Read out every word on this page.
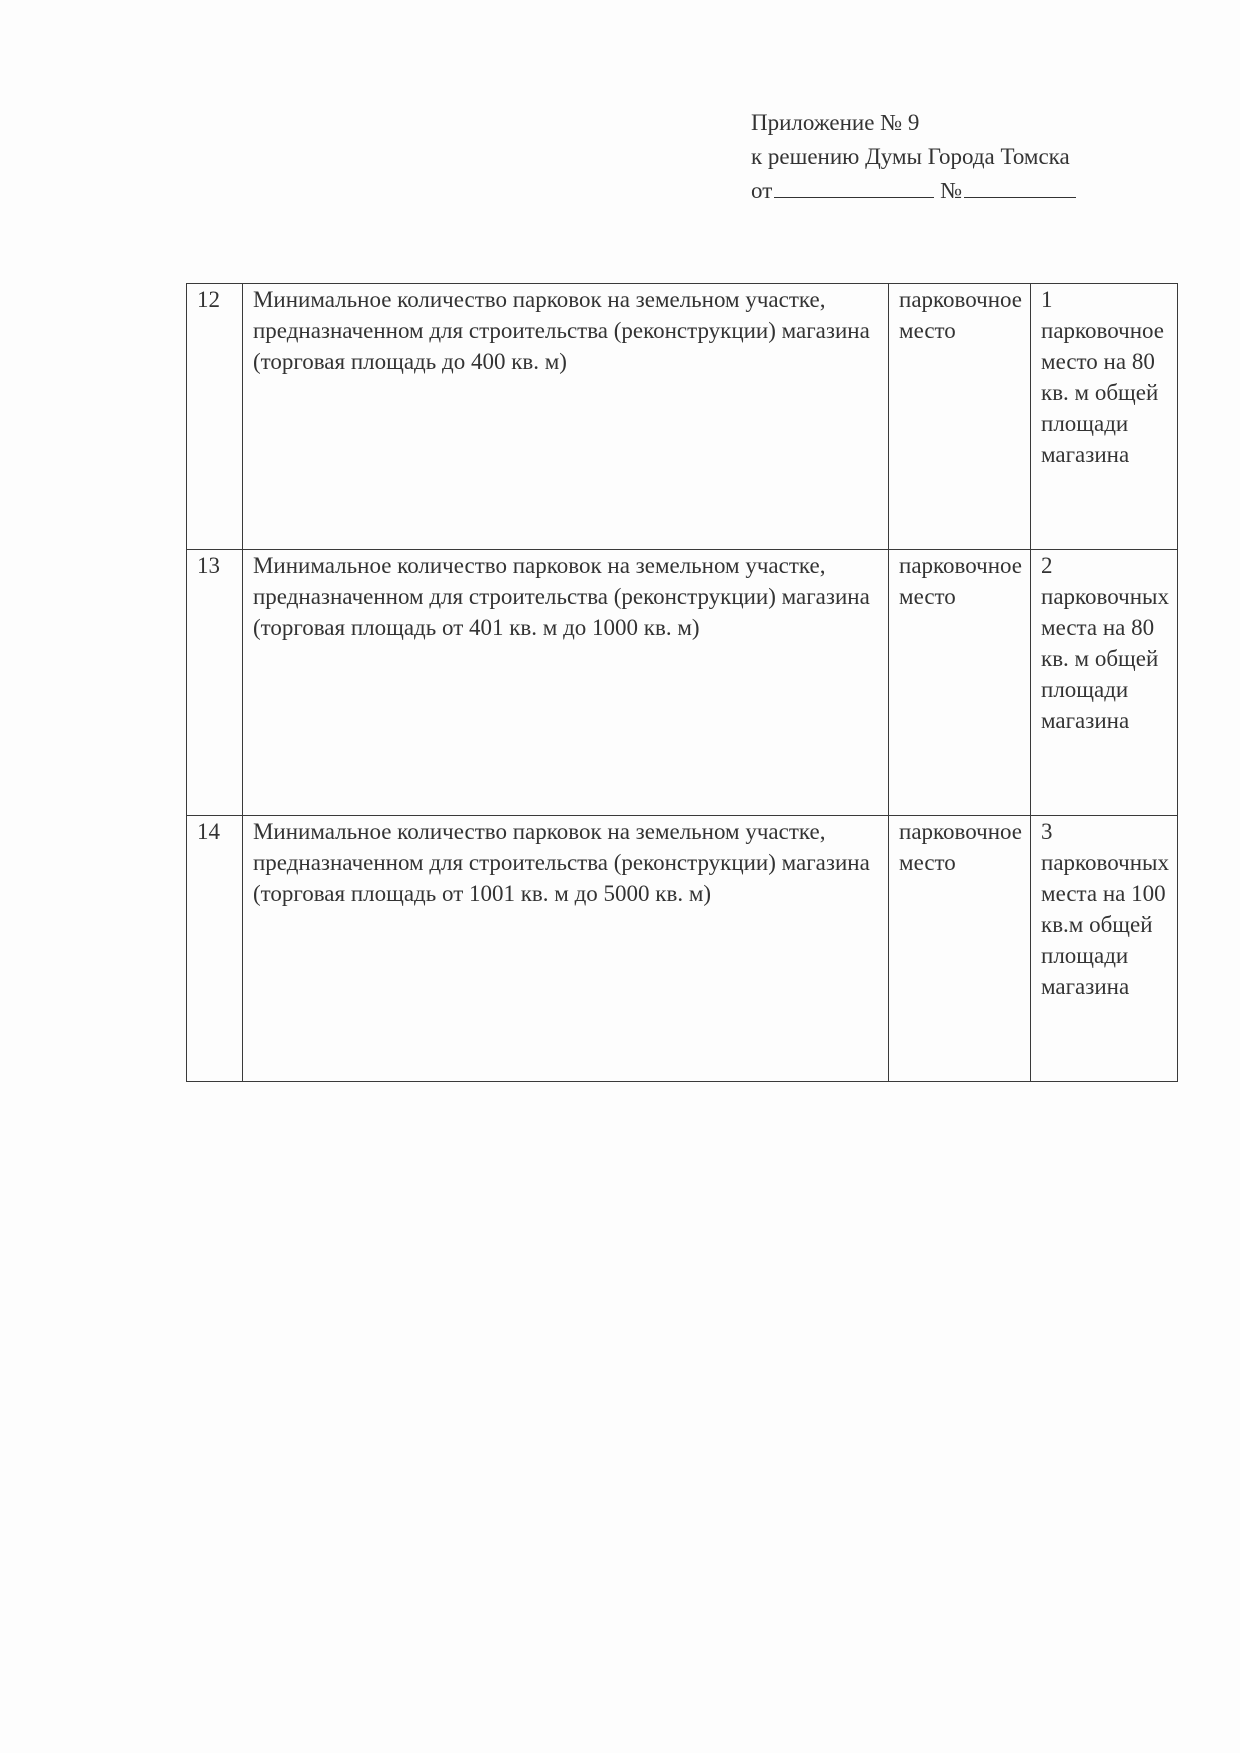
Приложение № 9
к решению Думы Города Томска
от	№
12	Минимальное количество парковок на земельном участке, предназначенном для строительства (реконструкции) магазина (торговая площадь до 400 кв. м)	парковочное место	1 парковочное место на 80 кв. м общей площади магазина
13	Минимальное количество парковок на земельном участке, предназначенном для строительства (реконструкции) магазина (торговая площадь от 401 кв. м до 1000 кв. м)	парковочное место	2 парковочных места на 80 кв. м общей площади магазина
14	Минимальное количество парковок на земельном участке, предназначенном для строительства (реконструкции) магазина (торговая площадь от 1001 кв. м до 5000 кв. м)	парковочное место	3 парковочных места на 100 кв.м общей площади магазина
